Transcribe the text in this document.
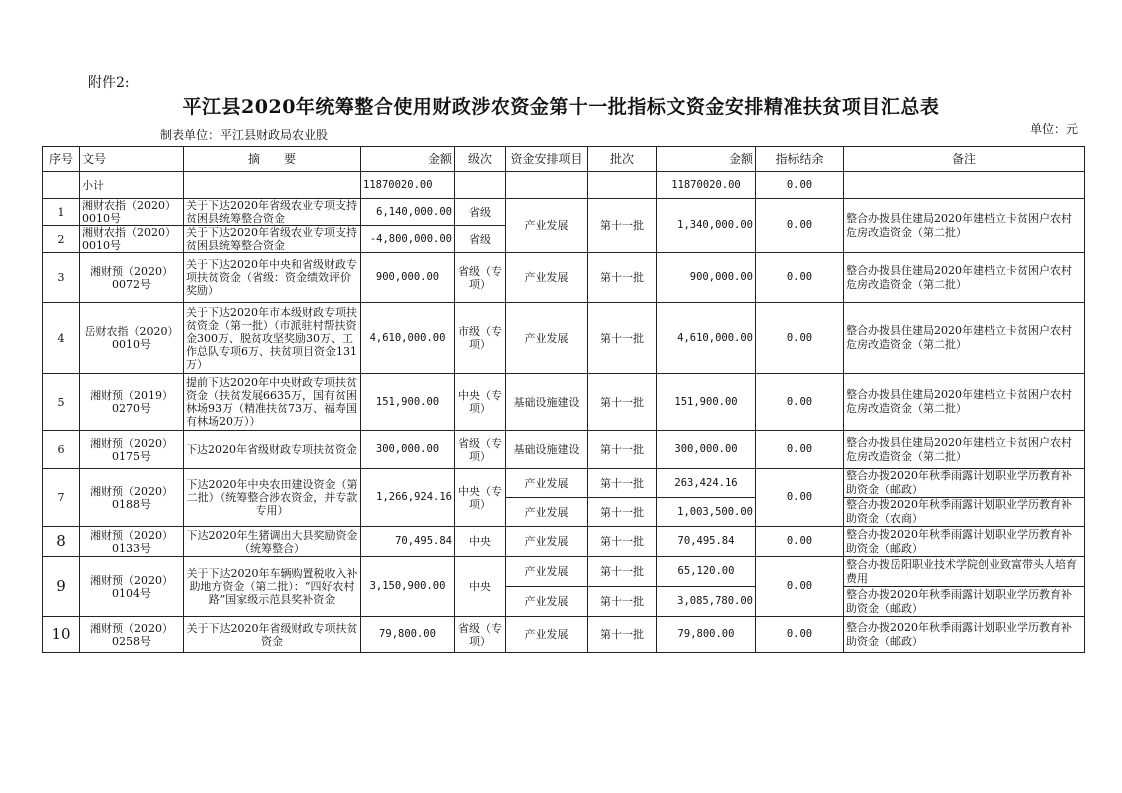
附件2:
平江县2020年统筹整合使用财政涉农资金第十一批指标文资金安排精准扶贫项目汇总表
制表单位：平江县财政局农业股	单位：元
序号	文号	摘　　要	金额	级次	资金安排项目	批次	金额	指标结余	备注
	小计		11870020.00				11870020.00	0.00	
1	湘财农指（2020）0010号	关于下达2020年省级农业专项支持贫困县统筹整合资金	6,140,000.00	省级	产业发展	第十一批	1,340,000.00	0.00	整合办拨县住建局2020年建档立卡贫困户农村危房改造资金（第二批）
2	湘财农指（2020）0010号	关于下达2020年省级农业专项支持贫困县统筹整合资金	-4,800,000.00	省级					
3	湘财预（2020）0072号	关于下达2020年中央和省级财政专项扶贫资金（省级：资金绩效评价奖励）	900,000.00	省级（专项）	产业发展	第十一批	900,000.00	0.00	整合办拨县住建局2020年建档立卡贫困户农村危房改造资金（第二批）
4	岳财农指（2020）0010号	关于下达2020年市本级财政专项扶贫资金（第一批）（市派驻村帮扶资金300万、脱贫攻坚奖励30万、工作总队专项6万、扶贫项目资金131万）	4,610,000.00	市级（专项）	产业发展	第十一批	4,610,000.00	0.00	整合办拨县住建局2020年建档立卡贫困户农村危房改造资金（第二批）
5	湘财预（2019）0270号	提前下达2020年中央财政专项扶贫资金（扶贫发展6635万，国有贫困林场93万（精准扶贫73万、福寿国有林场20万））	151,900.00	中央（专项）	基础设施建设	第十一批	151,900.00	0.00	整合办拨县住建局2020年建档立卡贫困户农村危房改造资金（第二批）
6	湘财预（2020）0175号	下达2020年省级财政专项扶贫资金	300,000.00	省级（专项）	基础设施建设	第十一批	300,000.00	0.00	整合办拨县住建局2020年建档立卡贫困户农村危房改造资金（第二批）
7	湘财预（2020）0188号	下达2020年中央农田建设资金（第二批）（统筹整合涉农资金，并专款专用）	1,266,924.16	中央（专项）	产业发展	第十一批	263,424.16	0.00	整合办拨2020年秋季雨露计划职业学历教育补助资金（邮政）
					产业发展	第十一批	1,003,500.00		整合办拨2020年秋季雨露计划职业学历教育补助资金（农商）
8	湘财预（2020）0133号	下达2020年生猪调出大县奖励资金（统筹整合）	70,495.84	中央	产业发展	第十一批	70,495.84	0.00	整合办拨2020年秋季雨露计划职业学历教育补助资金（邮政）
9	湘财预（2020）0104号	关于下达2020年车辆购置税收入补助地方资金（第二批）：“四好农村路”国家级示范县奖补资金	3,150,900.00	中央	产业发展	第十一批	65,120.00	0.00	整合办拨岳阳职业技术学院创业致富带头人培育费用
					产业发展	第十一批	3,085,780.00		整合办拨2020年秋季雨露计划职业学历教育补助资金（邮政）
10	湘财预（2020）0258号	关于下达2020年省级财政专项扶贫资金	79,800.00	省级（专项）	产业发展	第十一批	79,800.00	0.00	整合办拨2020年秋季雨露计划职业学历教育补助资金（邮政）
